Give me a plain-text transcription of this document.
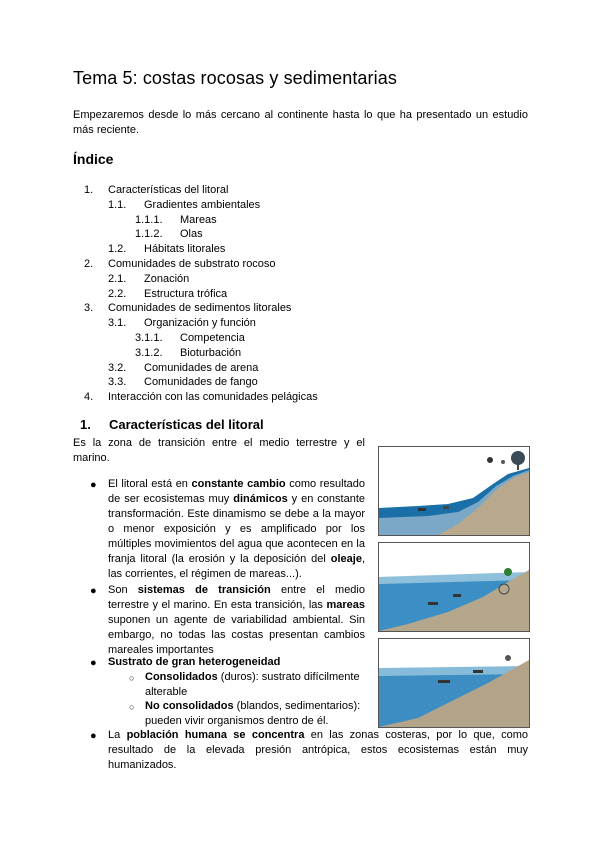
Tema 5: costas rocosas y sedimentarias

Empezaremos desde lo más cercano al continente hasta lo que ha presentado un estudio más reciente.

Índice
1. Características del litoral
1.1. Gradientes ambientales
1.1.1. Mareas
1.1.2. Olas
1.2. Hábitats litorales
2. Comunidades de substrato rocoso
2.1. Zonación
2.2. Estructura trófica
3. Comunidades de sedimentos litorales
3.1. Organización y función
3.1.1. Competencia
3.1.2. Bioturbación
3.2. Comunidades de arena
3.3. Comunidades de fango
4. Interacción con las comunidades pelágicas
1. Características del litoral

Es la zona de transición entre el medio terrestre y el marino.

● El litoral está en constante cambio como resultado de ser ecosistemas muy dinámicos y en constante transformación. Este dinamismo se debe a la mayor o menor exposición y es amplificado por los múltiples movimientos del agua que acontecen en la franja litoral (la erosión y la deposición del oleaje, las corrientes, el régimen de mareas...).

● Son sistemas de transición entre el medio terrestre y el marino. En esta transición, las mareas suponen un agente de variabilidad ambiental. Sin embargo, no todas las costas presentan cambios mareales importantes

● Sustrato de gran heterogeneidad

○ Consolidados (duros): sustrato difícilmente alterable

○ No consolidados (blandos, sedimentarios): pueden vivir organismos dentro de él.

● La población humana se concentra en las zonas costeras, por lo que, como resultado de la elevada presión antrópica, estos ecosistemas están muy humanizados.
